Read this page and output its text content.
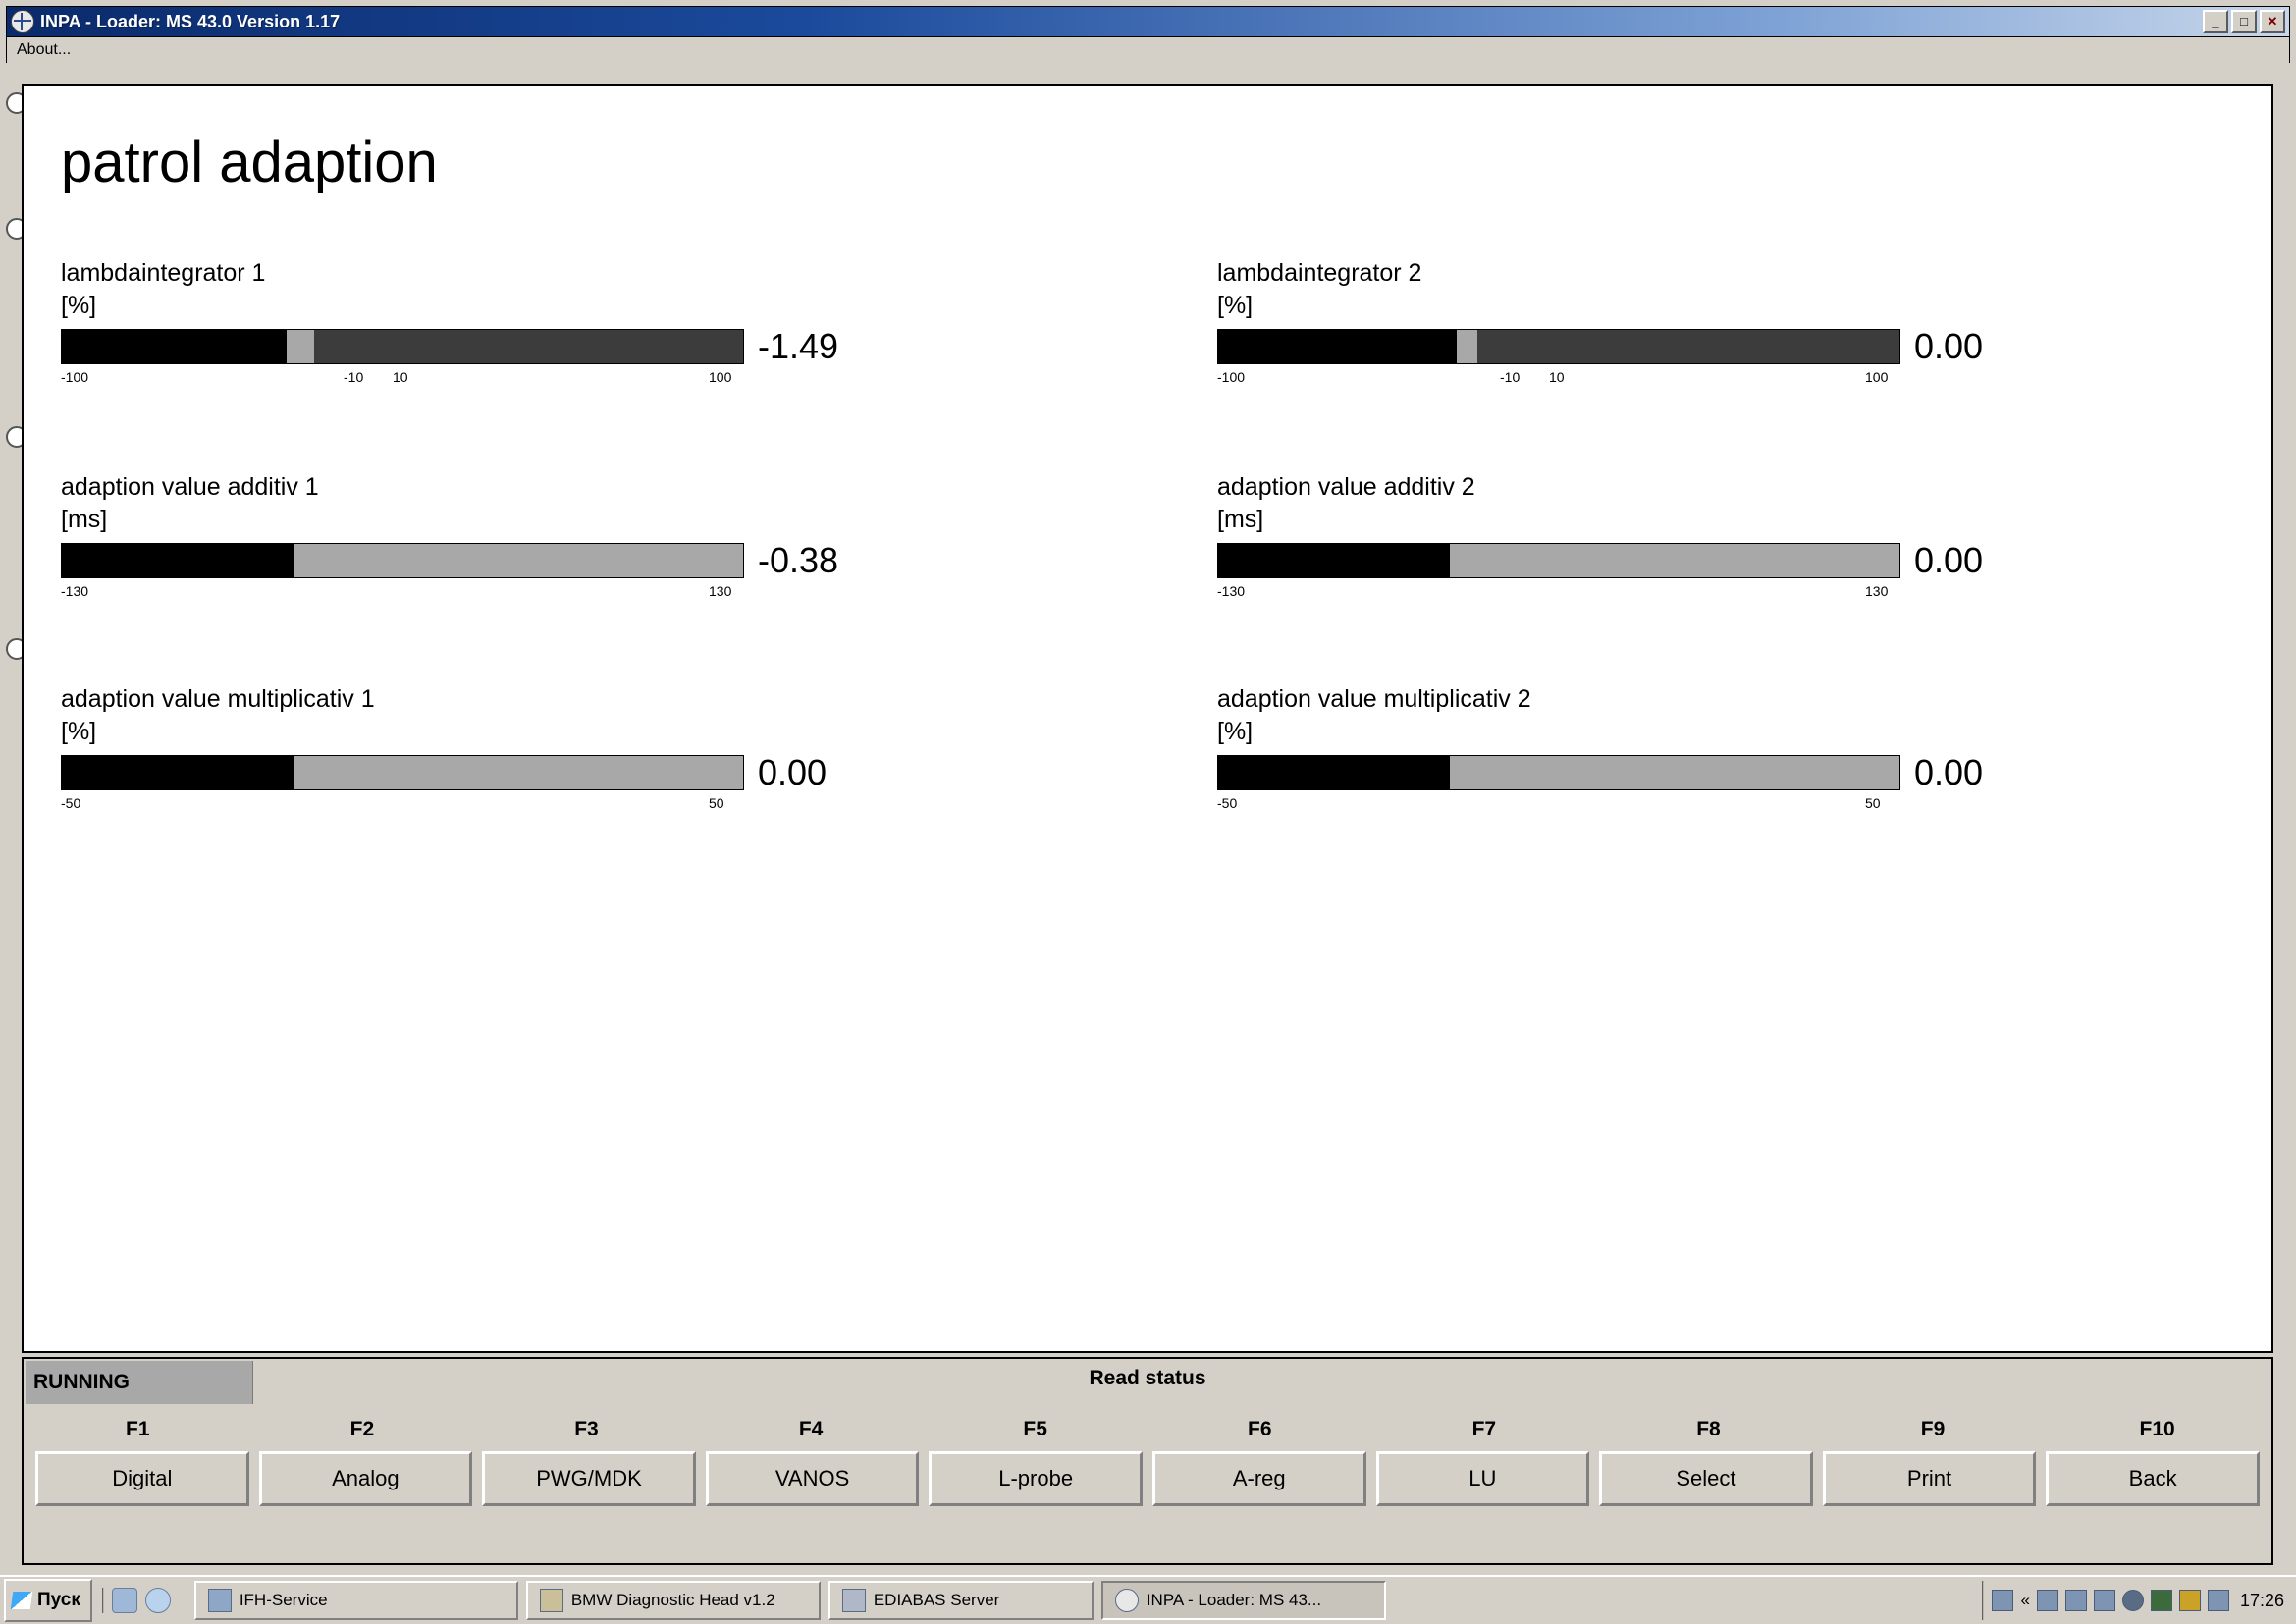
INPA - Loader: MS 43.0 Version 1.17	_	□	✕
About...
patrol adaption
lambdaintegrator 1
[%]
-1.49
-100	-10 10	100
adaption value additiv 1
[ms]
-0.38
-130	130
adaption value multiplicativ 1
[%]
0.00
-50	50
lambdaintegrator 2
[%]
0.00
-100	-10 10	100
adaption value additiv 2
[ms]
0.00
-130	130
adaption value multiplicativ 2
[%]
0.00
-50	50
Read status
RUNNING
F1	F2	F3	F4	F5	F6	F7	F8	F9	F10
Digital	Analog	PWG/MDK	VANOS	L-probe	A-reg	LU	Select	Print	Back
Пуск	IFH-Service	BMW Diagnostic Head v1.2	EDIABAS Server	INPA - Loader: MS 43...	«	17:26
